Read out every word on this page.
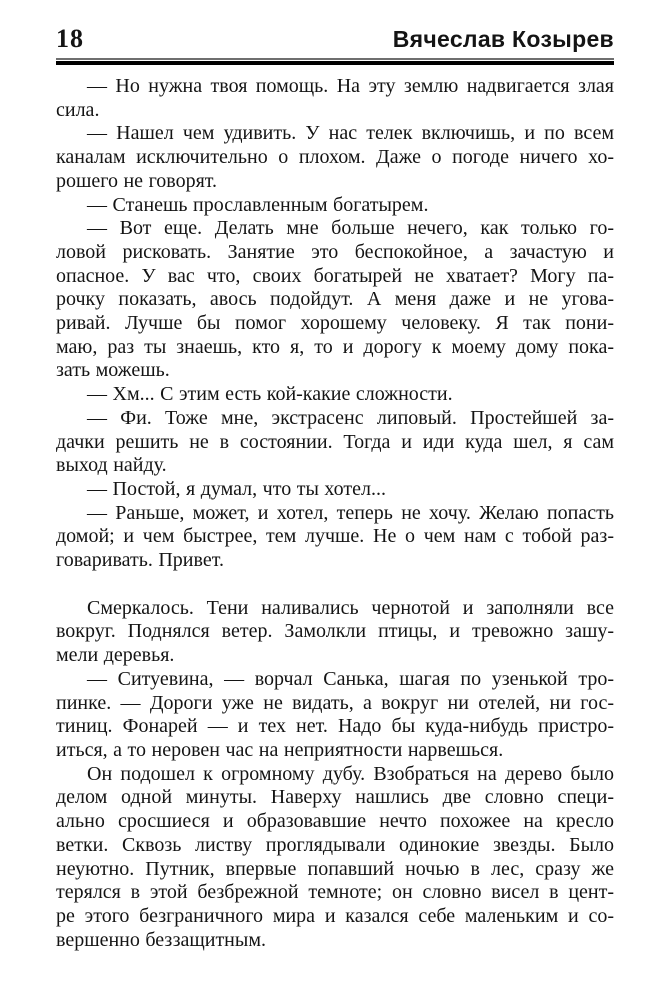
18	Вячеслав Козырев
— Но нужна твоя помощь. На эту землю надвигается злая
сила.
— Нашел чем удивить. У нас телек включишь, и по всем
каналам исключительно о плохом. Даже о погоде ничего хо-
рошего не говорят.
— Станешь прославленным богатырем.
— Вот еще. Делать мне больше нечего, как только го-
ловой рисковать. Занятие это беспокойное, а зачастую и
опасное. У вас что, своих богатырей не хватает? Могу па-
рочку показать, авось подойдут. А меня даже и не угова-
ривай. Лучше бы помог хорошему человеку. Я так пони-
маю, раз ты знаешь, кто я, то и дорогу к моему дому пока-
зать можешь.
— Хм... С этим есть кой-какие сложности.
— Фи. Тоже мне, экстрасенс липовый. Простейшей за-
дачки решить не в состоянии. Тогда и иди куда шел, я сам
выход найду.
— Постой, я думал, что ты хотел...
— Раньше, может, и хотел, теперь не хочу. Желаю попасть
домой; и чем быстрее, тем лучше. Не о чем нам с тобой раз-
говаривать. Привет.
Смеркалось. Тени наливались чернотой и заполняли все
вокруг. Поднялся ветер. Замолкли птицы, и тревожно зашу-
мели деревья.
— Ситуевина, — ворчал Санька, шагая по узенькой тро-
пинке. — Дороги уже не видать, а вокруг ни отелей, ни гос-
тиниц. Фонарей — и тех нет. Надо бы куда-нибудь пристро-
иться, а то неровен час на неприятности нарвешься.
Он подошел к огромному дубу. Взобраться на дерево было
делом одной минуты. Наверху нашлись две словно специ-
ально сросшиеся и образовавшие нечто похожее на кресло
ветки. Сквозь листву проглядывали одинокие звезды. Было
неуютно. Путник, впервые попавший ночью в лес, сразу же
терялся в этой безбрежной темноте; он словно висел в цент-
ре этого безграничного мира и казался себе маленьким и со-
вершенно беззащитным.
